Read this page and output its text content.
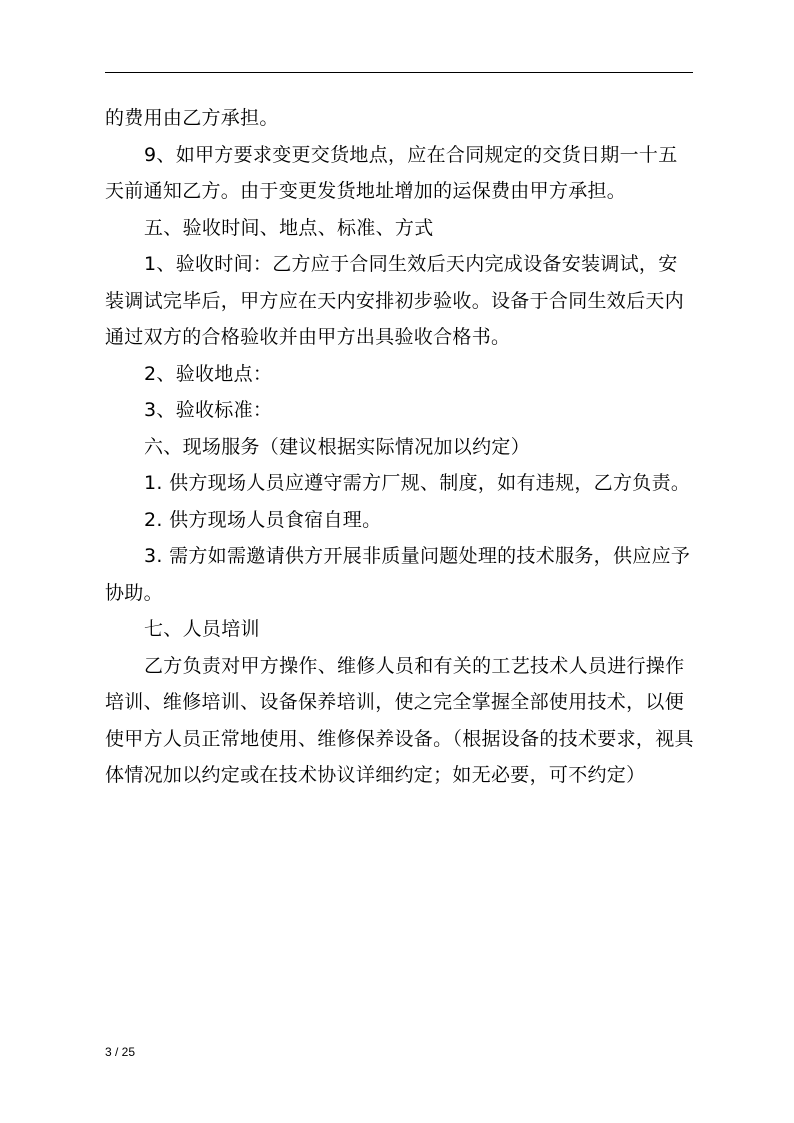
的费用由乙方承担。

9、如甲方要求变更交货地点，应在合同规定的交货日期一十五天前通知乙方。由于变更发货地址增加的运保费由甲方承担。

五、验收时间、地点、标准、方式

1、验收时间：乙方应于合同生效后天内完成设备安装调试，安装调试完毕后，甲方应在天内安排初步验收。设备于合同生效后天内通过双方的合格验收并由甲方出具验收合格书。

2、验收地点：

3、验收标准：

六、现场服务（建议根据实际情况加以约定）

1. 供方现场人员应遵守需方厂规、制度，如有违规，乙方负责。

2. 供方现场人员食宿自理。

3. 需方如需邀请供方开展非质量问题处理的技术服务，供应应予协助。

七、人员培训

乙方负责对甲方操作、维修人员和有关的工艺技术人员进行操作培训、维修培训、设备保养培训，使之完全掌握全部使用技术，以便使甲方人员正常地使用、维修保养设备。（根据设备的技术要求，视具体情况加以约定或在技术协议详细约定；如无必要，可不约定）

3 / 25
